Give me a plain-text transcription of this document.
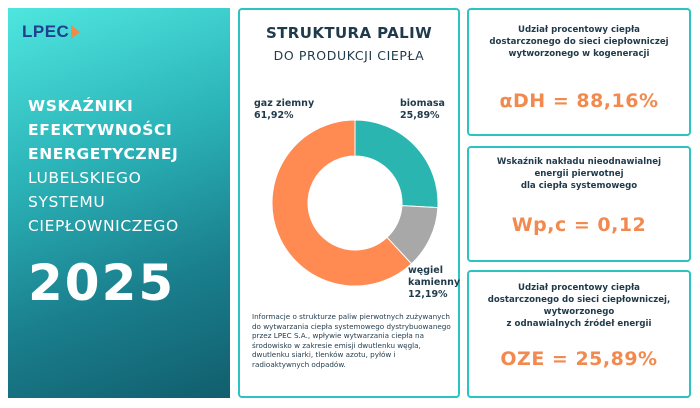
LPEC
WSKAŹNIKI
EFEKTYWNOŚCI
ENERGETYCZNEJ
LUBELSKIEGO
SYSTEMU
CIEPŁOWNICZEGO
2025
STRUKTURA PALIW
DO PRODUKCJI CIEPŁA
gaz ziemny
61,92%
biomasa
25,89%
węgiel
kamienny
12,19%
Informacje o strukturze paliw pierwotnych zużywanych do wytwarzania ciepła systemowego dystrybuowanego przez LPEC S.A., wpływie wytwarzania ciepła na środowisko w zakresie emisji dwutlenku węgla, dwutlenku siarki, tlenków azotu, pyłów i radioaktywnych odpadów.
Udział procentowy ciepła
dostarczonego do sieci ciepłowniczej
wytworzonego w kogeneracji
αDH = 88,16%
Wskaźnik nakładu nieodnawialnej
energii pierwotnej
dla ciepła systemowego
Wp,c = 0,12
Udział procentowy ciepła
dostarczonego do sieci ciepłowniczej,
wytworzonego
z odnawialnych źródeł energii
OZE = 25,89%
